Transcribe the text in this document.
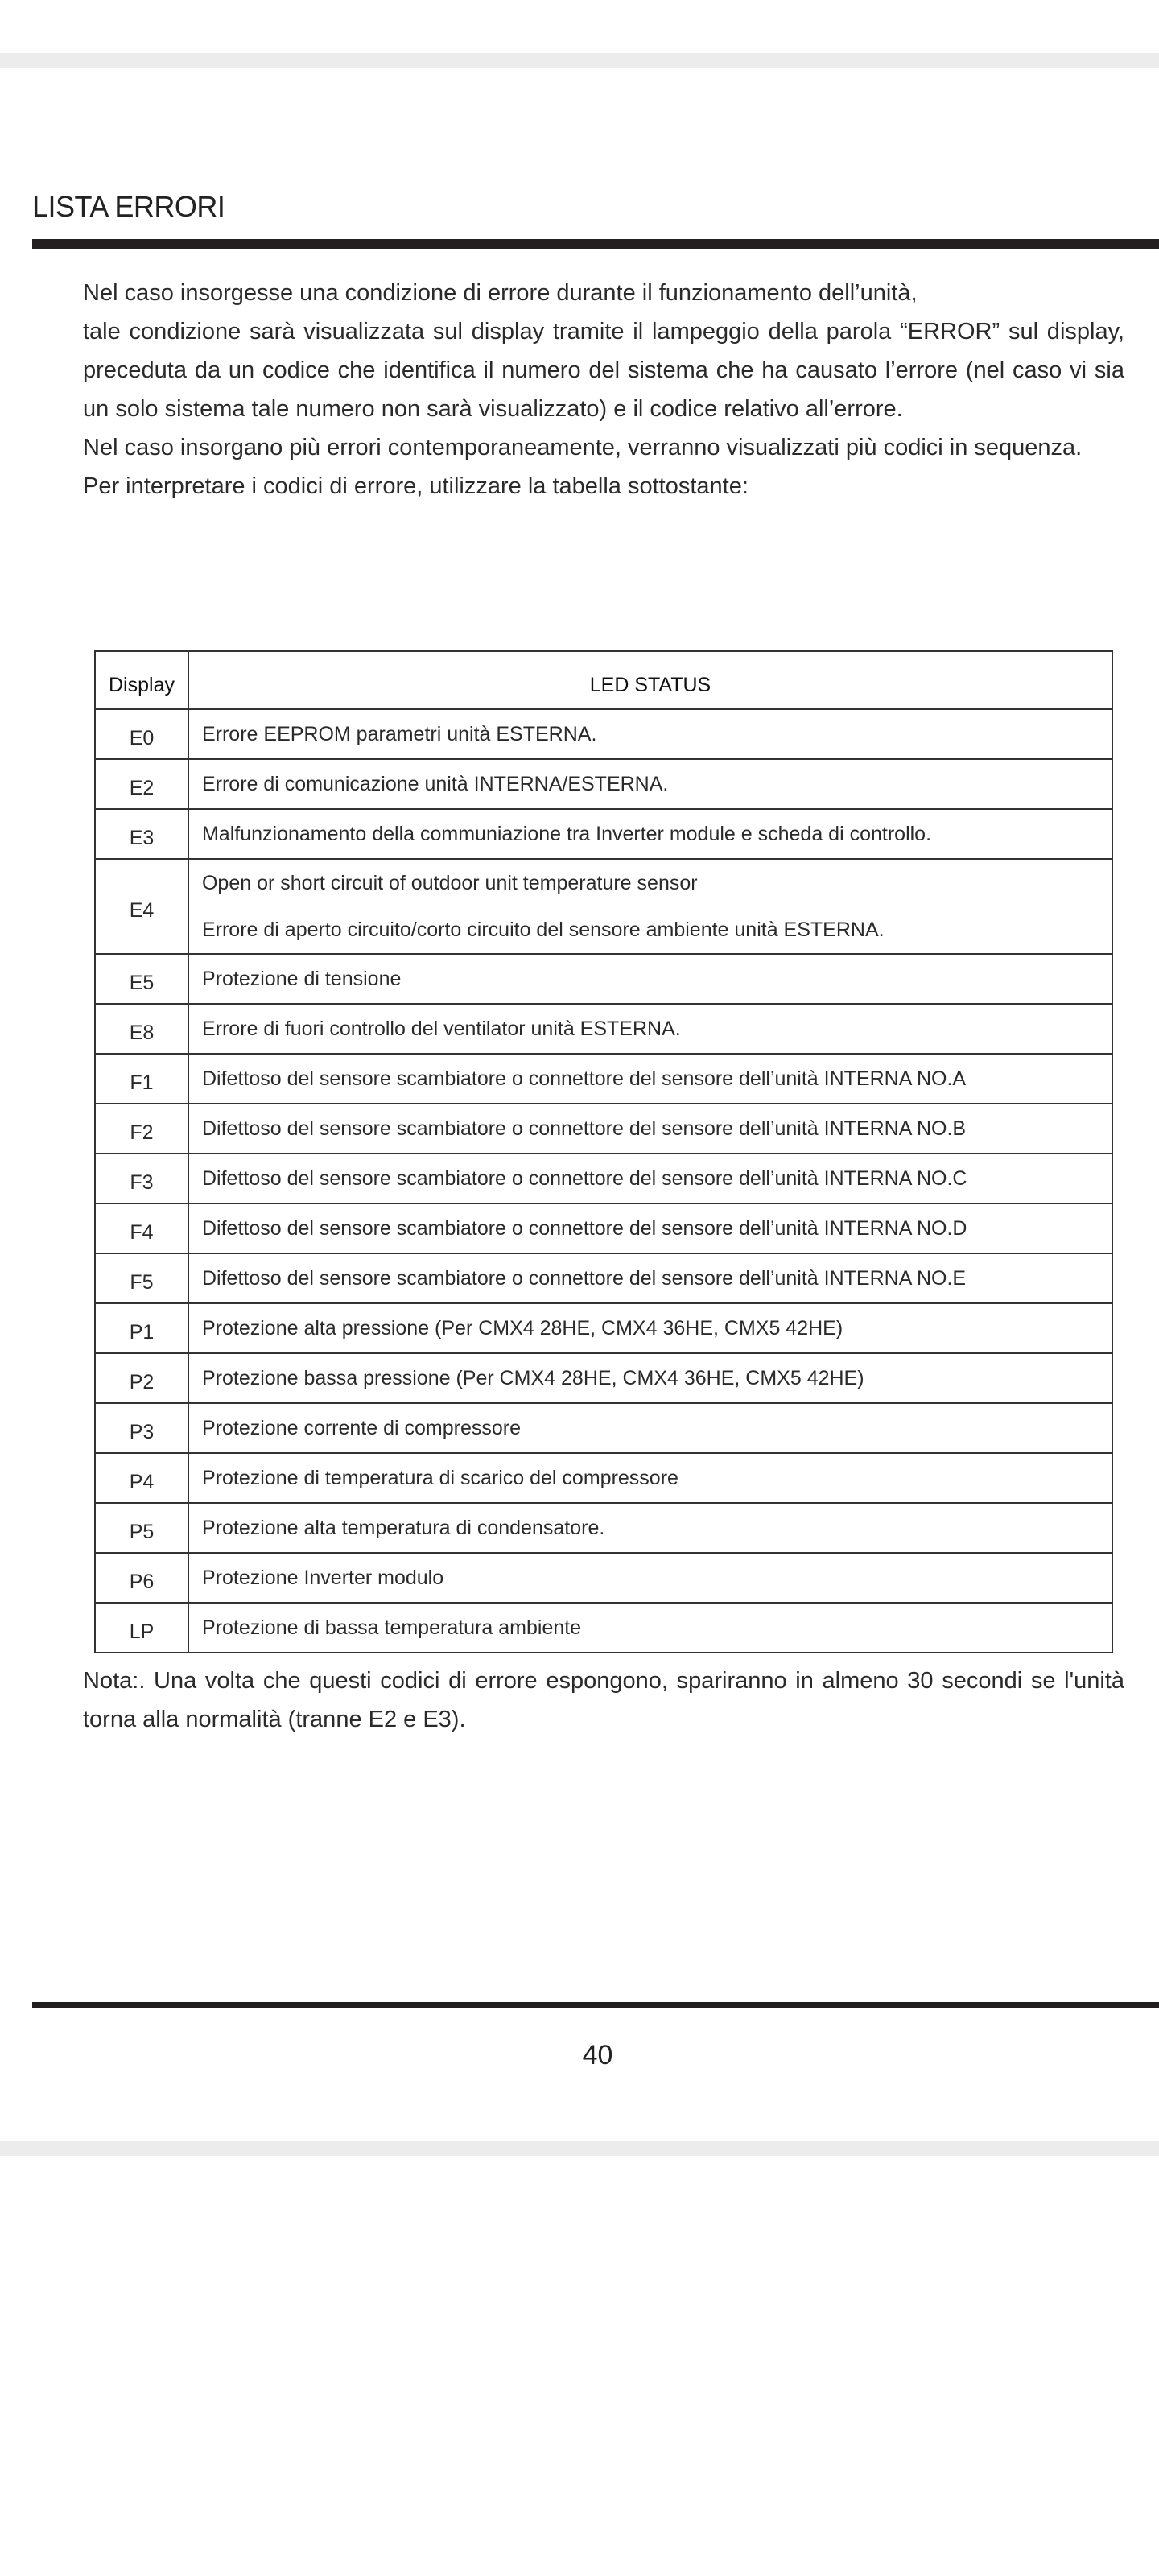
LISTA ERRORI

Nel caso insorgesse una condizione di errore durante il funzionamento dell’unità,

tale condizione sarà visualizzata sul display tramite il lampeggio della parola “ERROR” sul display, preceduta da un codice che identifica il numero del sistema che ha causato l’errore (nel caso vi sia un solo sistema tale numero non sarà visualizzato) e il codice relativo all’errore.

Nel caso insorgano più errori contemporaneamente, verranno visualizzati più codici in sequenza.

Per interpretare i codici di errore, utilizzare la tabella sottostante:

Display	LED STATUS
E0	Errore EEPROM parametri unità ESTERNA.
E2	Errore di comunicazione unità INTERNA/ESTERNA.
E3	Malfunzionamento della communiazione tra Inverter module e scheda di controllo.
E4	Open or short circuit of outdoor unit temperature sensor
Errore di aperto circuito/corto circuito del sensore ambiente unità ESTERNA.

E5	Protezione di tensione
E8	Errore di fuori controllo del ventilator unità ESTERNA.
F1	Difettoso del sensore scambiatore o connettore del sensore dell’unità INTERNA NO.A
F2	Difettoso del sensore scambiatore o connettore del sensore dell’unità INTERNA NO.B
F3	Difettoso del sensore scambiatore o connettore del sensore dell’unità INTERNA NO.C
F4	Difettoso del sensore scambiatore o connettore del sensore dell’unità INTERNA NO.D
F5	Difettoso del sensore scambiatore o connettore del sensore dell’unità INTERNA NO.E
P1	Protezione alta pressione (Per CMX4 28HE, CMX4 36HE, CMX5 42HE)
P2	Protezione bassa pressione (Per CMX4 28HE, CMX4 36HE, CMX5 42HE)
P3	Protezione corrente di compressore
P4	Protezione di temperatura di scarico del compressore
P5	Protezione alta temperatura di condensatore.
P6	Protezione Inverter modulo
LP	Protezione di bassa temperatura ambiente
Nota:. Una volta che questi codici di errore espongono, spariranno in almeno 30 secondi se l'unità torna alla normalità (tranne E2 e E3).
40
